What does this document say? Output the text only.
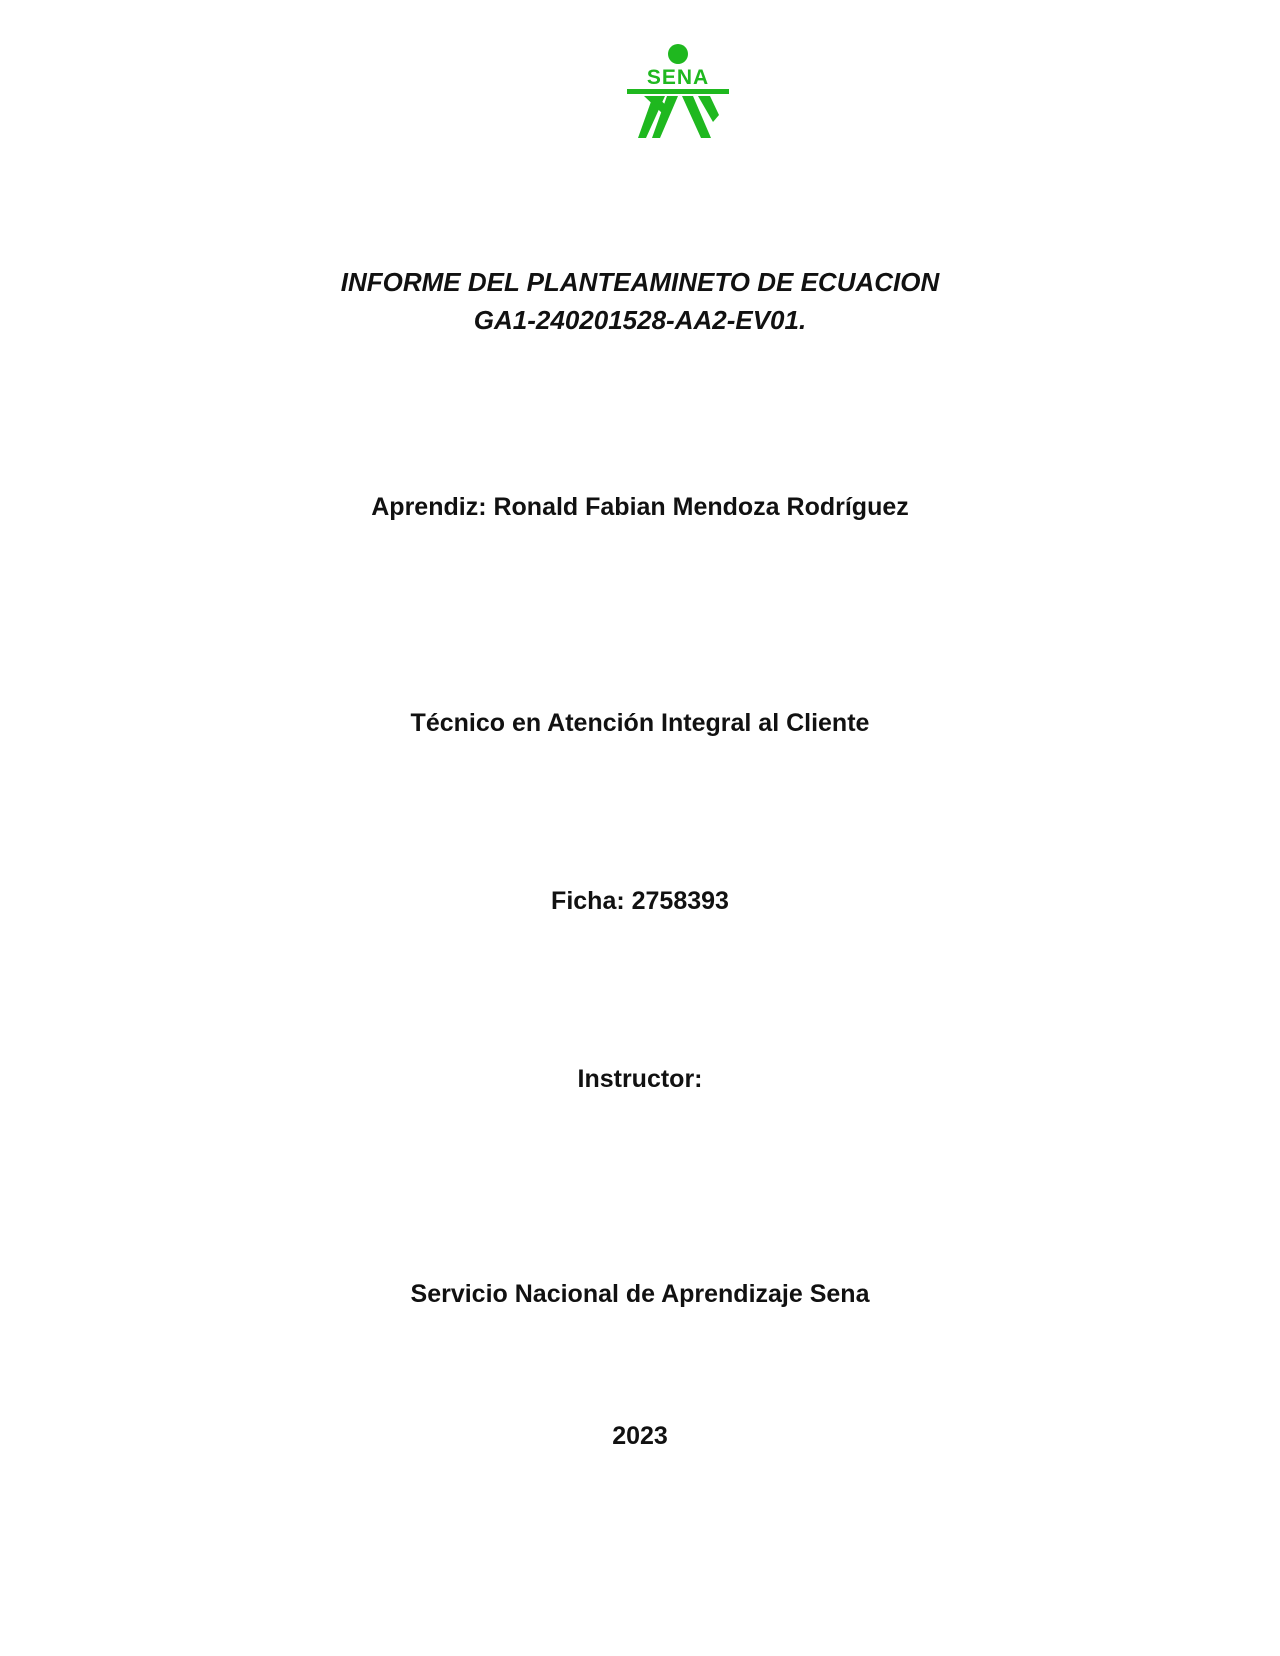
SENA
INFORME DEL PLANTEAMINETO DE ECUACION
GA1-240201528-AA2-EV01.
Aprendiz: Ronald Fabian Mendoza Rodríguez
Técnico en Atención Integral al Cliente
Ficha: 2758393
Instructor:
Servicio Nacional de Aprendizaje Sena
2023
